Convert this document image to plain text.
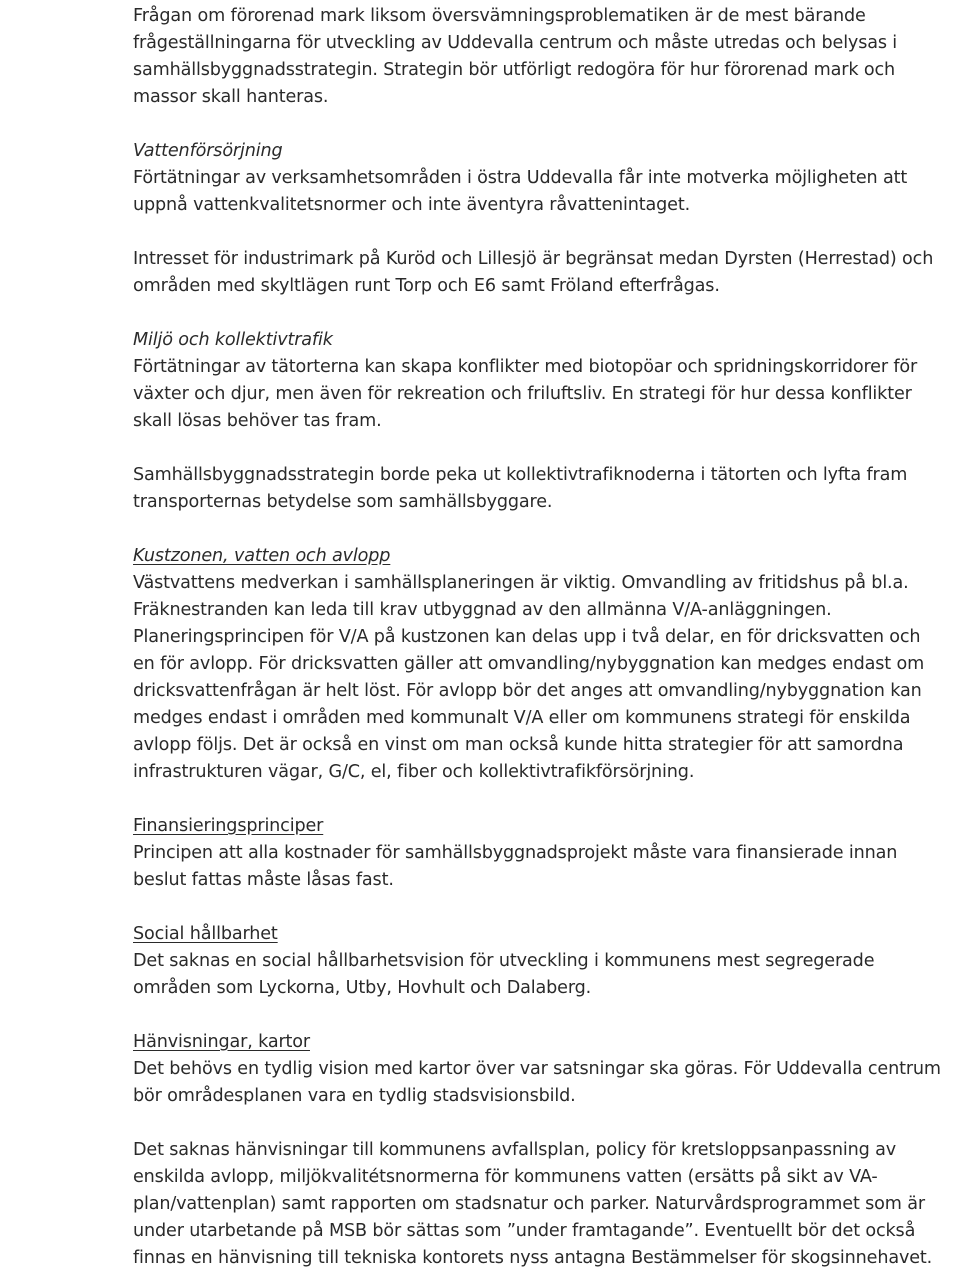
Frågan om förorenad mark liksom översvämningsproblematiken är de mest bärande
frågeställningarna för utveckling av Uddevalla centrum och måste utredas och belysas i
samhällsbyggnadsstrategin. Strategin bör utförligt redogöra för hur förorenad mark och
massor skall hanteras.

Vattenförsörjning
Förtätningar av verksamhetsområden i östra Uddevalla får inte motverka möjligheten att
uppnå vattenkvalitetsnormer och inte äventyra råvattenintaget.

Intresset för industrimark på Kuröd och Lillesjö är begränsat medan Dyrsten (Herrestad) och
områden med skyltlägen runt Torp och E6 samt Fröland efterfrågas.

Miljö och kollektivtrafik
Förtätningar av tätorterna kan skapa konflikter med biotopöar och spridningskorridorer för
växter och djur, men även för rekreation och friluftsliv. En strategi för hur dessa konflikter
skall lösas behöver tas fram.

Samhällsbyggnadsstrategin borde peka ut kollektivtrafiknoderna i tätorten och lyfta fram
transporternas betydelse som samhällsbyggare.

Kustzonen, vatten och avlopp
Västvattens medverkan i samhällsplaneringen är viktig. Omvandling av fritidshus på bl.a.
Fräknestranden kan leda till krav utbyggnad av den allmänna V/A-anläggningen.
Planeringsprincipen för V/A på kustzonen kan delas upp i två delar, en för dricksvatten och
en för avlopp. För dricksvatten gäller att omvandling/nybyggnation kan medges endast om
dricksvattenfrågan är helt löst. För avlopp bör det anges att omvandling/nybyggnation kan
medges endast i områden med kommunalt V/A eller om kommunens strategi för enskilda
avlopp följs. Det är också en vinst om man också kunde hitta strategier för att samordna
infrastrukturen vägar, G/C, el, fiber och kollektivtrafikförsörjning.

Finansieringsprinciper
Principen att alla kostnader för samhällsbyggnadsprojekt måste vara finansierade innan
beslut fattas måste låsas fast.

Social hållbarhet
Det saknas en social hållbarhetsvision för utveckling i kommunens mest segregerade
områden som Lyckorna, Utby, Hovhult och Dalaberg.

Hänvisningar, kartor
Det behövs en tydlig vision med kartor över var satsningar ska göras. För Uddevalla centrum
bör områdesplanen vara en tydlig stadsvisionsbild.

Det saknas hänvisningar till kommunens avfallsplan, policy för kretsloppsanpassning av
enskilda avlopp, miljökvalitétsnormerna för kommunens vatten (ersätts på sikt av VA-
plan/vattenplan) samt rapporten om stadsnatur och parker. Naturvårdsprogrammet som är
under utarbetande på MSB bör sättas som ”under framtagande”. Eventuellt bör det också
finnas en hänvisning till tekniska kontorets nyss antagna Bestämmelser för skogsinnehavet.
